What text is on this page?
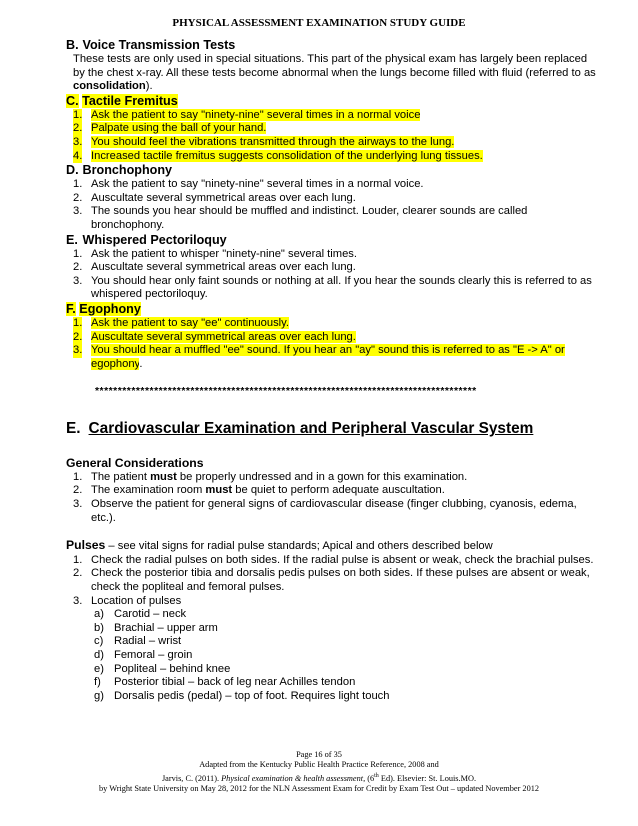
PHYSICAL ASSESSMENT EXAMINATION STUDY GUIDE
B. Voice Transmission Tests
These tests are only used in special situations. This part of the physical exam has largely been replaced by the chest x-ray. All these tests become abnormal when the lungs become filled with fluid (referred to as consolidation).
C. Tactile Fremitus
1. Ask the patient to say "ninety-nine" several times in a normal voice
2. Palpate using the ball of your hand.
3. You should feel the vibrations transmitted through the airways to the lung.
4. Increased tactile fremitus suggests consolidation of the underlying lung tissues.
D. Bronchophony
1. Ask the patient to say "ninety-nine" several times in a normal voice.
2. Auscultate several symmetrical areas over each lung.
3. The sounds you hear should be muffled and indistinct. Louder, clearer sounds are called bronchophony.
E. Whispered Pectoriloquy
1. Ask the patient to whisper "ninety-nine" several times.
2. Auscultate several symmetrical areas over each lung.
3. You should hear only faint sounds or nothing at all. If you hear the sounds clearly this is referred to as whispered pectoriloquy.
F. Egophony
1. Ask the patient to say "ee" continuously.
2. Auscultate several symmetrical areas over each lung.
3. You should hear a muffled "ee" sound. If you hear an "ay" sound this is referred to as "E -> A" or egophony.
************************************************************************************
E. Cardiovascular Examination and Peripheral Vascular System
General Considerations
1. The patient must be properly undressed and in a gown for this examination.
2. The examination room must be quiet to perform adequate auscultation.
3. Observe the patient for general signs of cardiovascular disease (finger clubbing, cyanosis, edema, etc.).
Pulses – see vital signs for radial pulse standards; Apical and others described below
1. Check the radial pulses on both sides. If the radial pulse is absent or weak, check the brachial pulses.
2. Check the posterior tibia and dorsalis pedis pulses on both sides. If these pulses are absent or weak, check the popliteal and femoral pulses.
3. Location of pulses
a) Carotid – neck
b) Brachial – upper arm
c) Radial – wrist
d) Femoral – groin
e) Popliteal – behind knee
f) Posterior tibial – back of leg near Achilles tendon
g) Dorsalis pedis (pedal) – top of foot. Requires light touch
Page 16 of 35
Adapted from the Kentucky Public Health Practice Reference, 2008 and
Jarvis, C. (2011). Physical examination & health assessment, (6th Ed). Elsevier: St. Louis.MO.
by Wright State University on May 28, 2012 for the NLN Assessment Exam for Credit by Exam Test Out – updated November 2012
